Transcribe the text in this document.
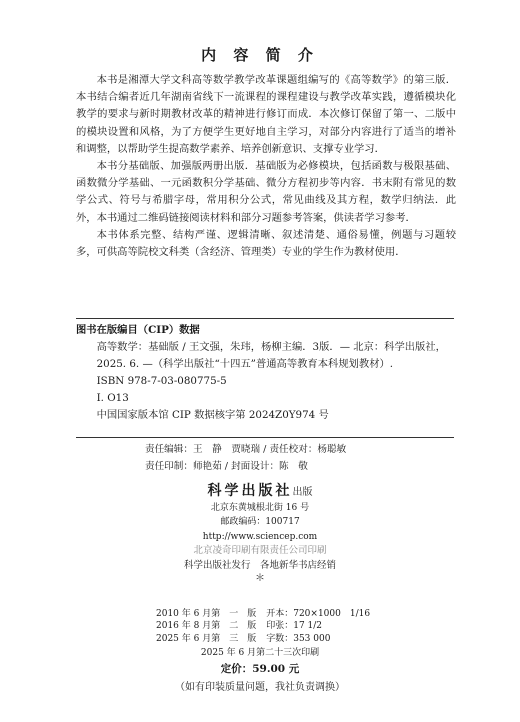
内 容 简 介

本书是湘潭大学文科高等数学教学改革课题组编写的《高等数学》的第三版．本书结合编者近几年湖南省线下一流课程的课程建设与教学改革实践，遵循模块化教学的要求与新时期教材改革的精神进行修订而成．本次修订保留了第一、二版中的模块设置和风格，为了方便学生更好地自主学习，对部分内容进行了适当的增补和调整，以帮助学生提高数学素养、培养创新意识、支撑专业学习．

本书分基础版、加强版两册出版．基础版为必修模块，包括函数与极限基础、函数微分学基础、一元函数积分学基础、微分方程初步等内容．书末附有常见的数学公式、符号与希腊字母，常用积分公式，常见曲线及其方程，数学归纳法．此外，本书通过二维码链接阅读材料和部分习题参考答案，供读者学习参考．

本书体系完整、结构严谨、逻辑清晰、叙述清楚、通俗易懂，例题与习题较多，可供高等院校文科类（含经济、管理类）专业的学生作为教材使用．

图书在版编目（CIP）数据
高等数学：基础版 / 王文强，朱玮，杨柳主编．3版．— 北京：科学出版社，2025. 6. —（科学出版社“十四五”普通高等教育本科规划教材）.
ISBN 978-7-03-080775-5
Ⅰ. O13
中国国家版本馆 CIP 数据核字第 2024Z0Y974 号
责任编辑：王　静　贾晓瑞 / 责任校对：杨聪敏
责任印制：师艳茹 / 封面设计：陈　敬
科学出版社出版
北京东黄城根北街 16 号
邮政编码：100717
http://www.sciencep.com
北京凌奇印刷有限责任公司印刷
科学出版社发行　各地新华书店经销
＊
2010 年 6 月第　一　版	开本：720×1000　1/16
2016 年 8 月第　二　版	印张：17 1/2
2025 年 6 月第　三　版	字数：353 000
2025 年 6 月第二十三次印刷
定价：59.00 元
（如有印装质量问题，我社负责调换）
